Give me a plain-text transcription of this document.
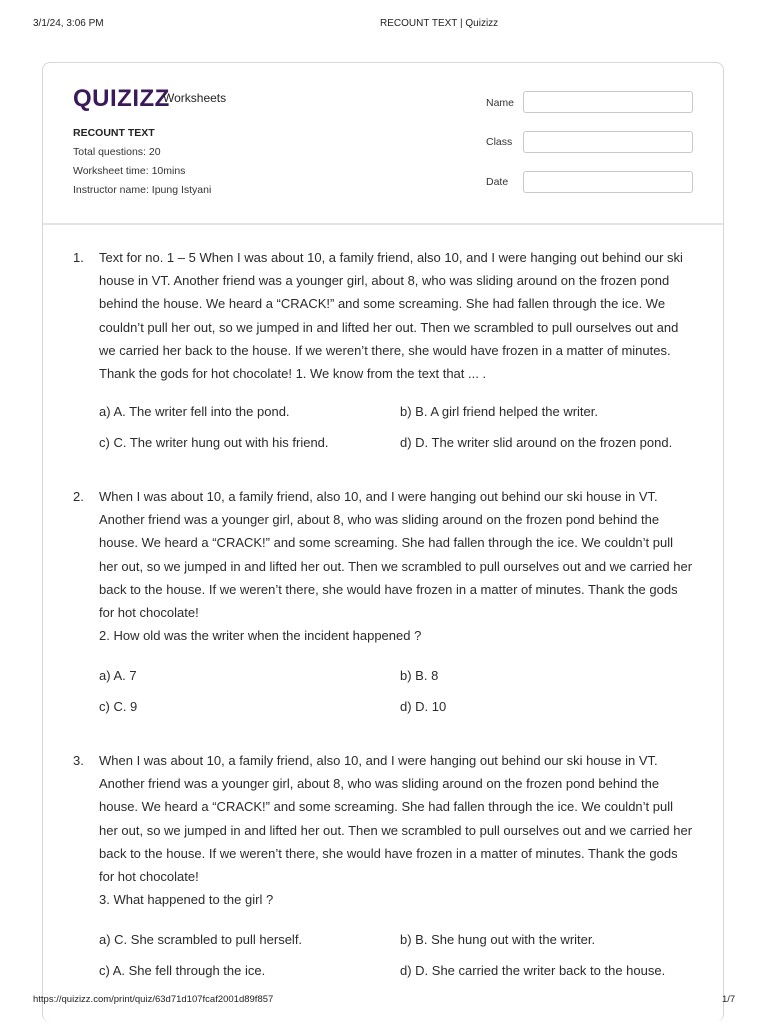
3/1/24, 3:06 PM	RECOUNT TEXT | Quizizz
QUIZIZZ
Worksheets
RECOUNT TEXT
Total questions: 20
Worksheet time: 10mins
Instructor name: Ipung Istyani
Name
Class
Date
1. Text for no. 1 – 5 When I was about 10, a family friend, also 10, and I were hanging out behind our ski house in VT. Another friend was a younger girl, about 8, who was sliding around on the frozen pond behind the house. We heard a “CRACK!” and some screaming. She had fallen through the ice. We couldn’t pull her out, so we jumped in and lifted her out. Then we scrambled to pull ourselves out and we carried her back to the house. If we weren’t there, she would have frozen in a matter of minutes. Thank the gods for hot chocolate! 1. We know from the text that ... .
a) A. The writer fell into the pond.	b) B. A girl friend helped the writer.
c) C. The writer hung out with his friend.	d) D. The writer slid around on the frozen pond.
2. When I was about 10, a family friend, also 10, and I were hanging out behind our ski house in VT. Another friend was a younger girl, about 8, who was sliding around on the frozen pond behind the house. We heard a “CRACK!” and some screaming. She had fallen through the ice. We couldn’t pull her out, so we jumped in and lifted her out. Then we scrambled to pull ourselves out and we carried her back to the house. If we weren’t there, she would have frozen in a matter of minutes. Thank the gods for hot chocolate!
2. How old was the writer when the incident happened ?
a) A. 7	b) B. 8
c) C. 9	d) D. 10
3. When I was about 10, a family friend, also 10, and I were hanging out behind our ski house in VT. Another friend was a younger girl, about 8, who was sliding around on the frozen pond behind the house. We heard a “CRACK!” and some screaming. She had fallen through the ice. We couldn’t pull her out, so we jumped in and lifted her out. Then we scrambled to pull ourselves out and we carried her back to the house. If we weren’t there, she would have frozen in a matter of minutes. Thank the gods for hot chocolate!
3. What happened to the girl ?
a) C. She scrambled to pull herself.	b) B. She hung out with the writer.
c) A. She fell through the ice.	d) D. She carried the writer back to the house.
https://quizizz.com/print/quiz/63d71d107fcaf2001d89f857	1/7
